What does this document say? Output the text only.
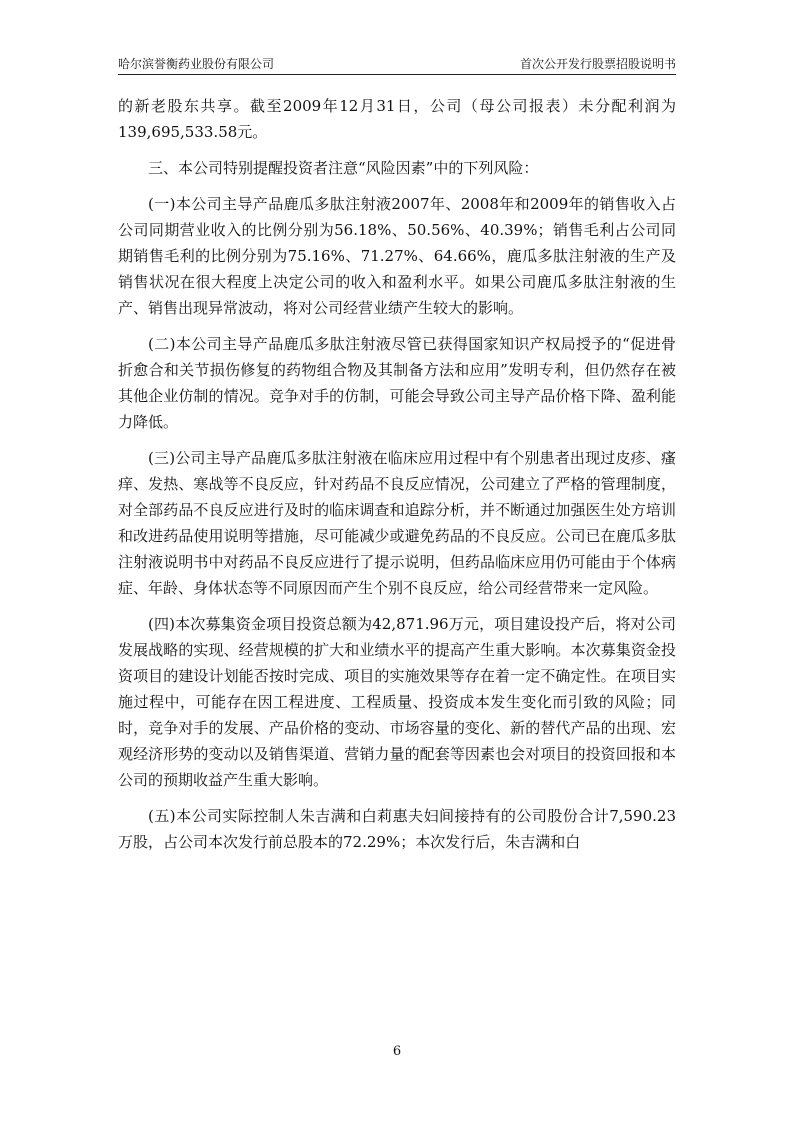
哈尔滨誉衡药业股份有限公司	首次公开发行股票招股说明书

的新老股东共享。截至2009年12月31日，公司（母公司报表）未分配利润为139,695,533.58元。

三、本公司特别提醒投资者注意“风险因素”中的下列风险：

(一)本公司主导产品鹿瓜多肽注射液2007年、2008年和2009年的销售收入占公司同期营业收入的比例分别为56.18%、50.56%、40.39%；销售毛利占公司同期销售毛利的比例分别为75.16%、71.27%、64.66%，鹿瓜多肽注射液的生产及销售状况在很大程度上决定公司的收入和盈利水平。如果公司鹿瓜多肽注射液的生产、销售出现异常波动，将对公司经营业绩产生较大的影响。

(二)本公司主导产品鹿瓜多肽注射液尽管已获得国家知识产权局授予的“促进骨折愈合和关节损伤修复的药物组合物及其制备方法和应用”发明专利，但仍然存在被其他企业仿制的情况。竞争对手的仿制，可能会导致公司主导产品价格下降、盈利能力降低。

(三)公司主导产品鹿瓜多肽注射液在临床应用过程中有个别患者出现过皮疹、瘙痒、发热、寒战等不良反应，针对药品不良反应情况，公司建立了严格的管理制度，对全部药品不良反应进行及时的临床调查和追踪分析，并不断通过加强医生处方培训和改进药品使用说明等措施，尽可能减少或避免药品的不良反应。公司已在鹿瓜多肽注射液说明书中对药品不良反应进行了提示说明，但药品临床应用仍可能由于个体病症、年龄、身体状态等不同原因而产生个别不良反应，给公司经营带来一定风险。

(四)本次募集资金项目投资总额为42,871.96万元，项目建设投产后，将对公司发展战略的实现、经营规模的扩大和业绩水平的提高产生重大影响。本次募集资金投资项目的建设计划能否按时完成、项目的实施效果等存在着一定不确定性。在项目实施过程中，可能存在因工程进度、工程质量、投资成本发生变化而引致的风险；同时，竞争对手的发展、产品价格的变动、市场容量的变化、新的替代产品的出现、宏观经济形势的变动以及销售渠道、营销力量的配套等因素也会对项目的投资回报和本公司的预期收益产生重大影响。

(五)本公司实际控制人朱吉满和白莉惠夫妇间接持有的公司股份合计7,590.23万股，占公司本次发行前总股本的72.29%；本次发行后，朱吉满和白

6
